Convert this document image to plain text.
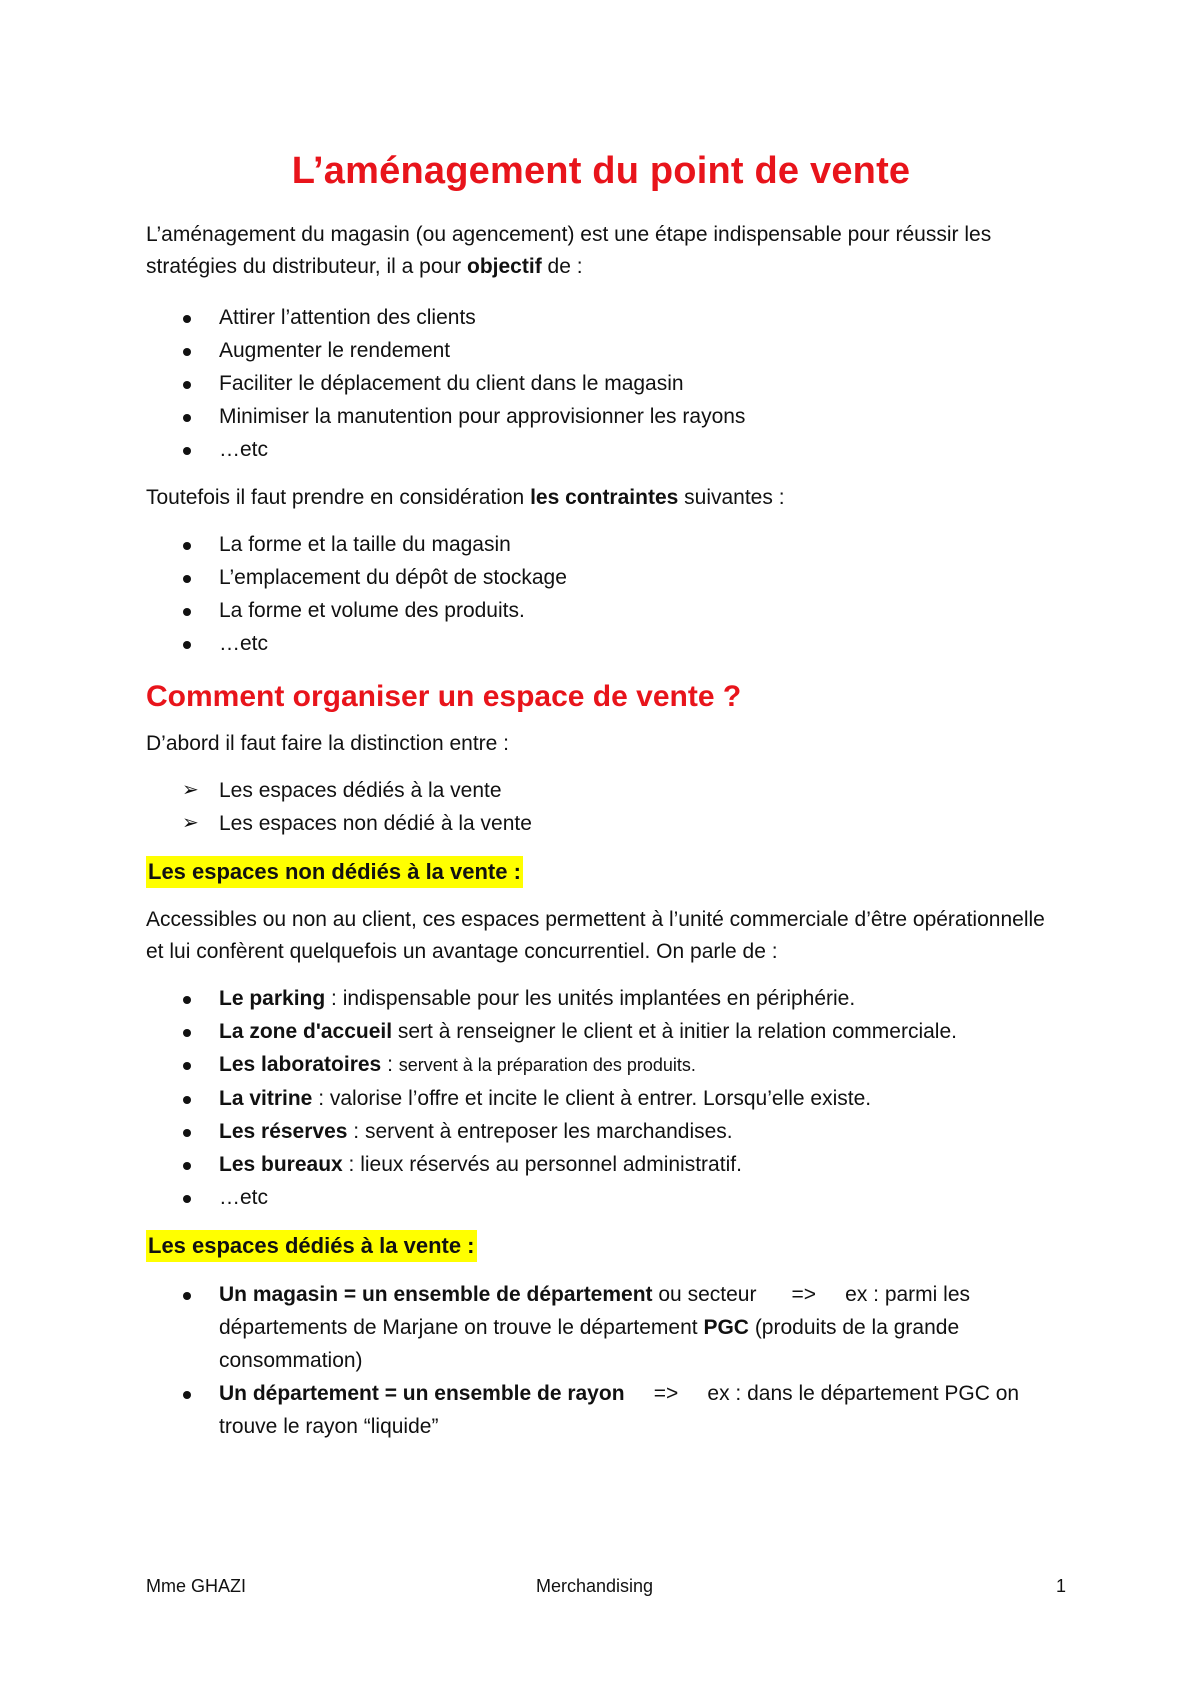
L’aménagement du point de vente

L’aménagement du magasin (ou agencement) est une étape indispensable pour réussir les stratégies du distributeur, il a pour objectif de :

Attirer l’attention des clients
Augmenter le rendement
Faciliter le déplacement du client dans le magasin
Minimiser la manutention pour approvisionner les rayons
…etc

Toutefois il faut prendre en considération les contraintes suivantes :

La forme et la taille du magasin
L’emplacement du dépôt de stockage
La forme et volume des produits.
…etc
Comment organiser un espace de vente ?

D’abord il faut faire la distinction entre :

➢ Les espaces dédiés à la vente
➢ Les espaces non dédié à la vente
Les espaces non dédiés à la vente :

Accessibles ou non au client, ces espaces permettent à l’unité commerciale d’être opérationnelle et lui confèrent quelquefois un avantage concurrentiel. On parle de :

Le parking : indispensable pour les unités implantées en périphérie.
La zone d'accueil sert à renseigner le client et à initier la relation commerciale.
Les laboratoires : servent à la préparation des produits.
La vitrine : valorise l’offre et incite le client à entrer. Lorsqu’elle existe.
Les réserves : servent à entreposer les marchandises.
Les bureaux : lieux réservés au personnel administratif.
…etc
Les espaces dédiés à la vente :
Un magasin = un ensemble de département ou secteur      =>     ex : parmi les départements de Marjane on trouve le département PGC (produits de la grande consommation)
Un département = un ensemble de rayon     =>     ex : dans le département PGC on trouve le rayon “liquide”
Mme GHAZI	Merchandising	1
